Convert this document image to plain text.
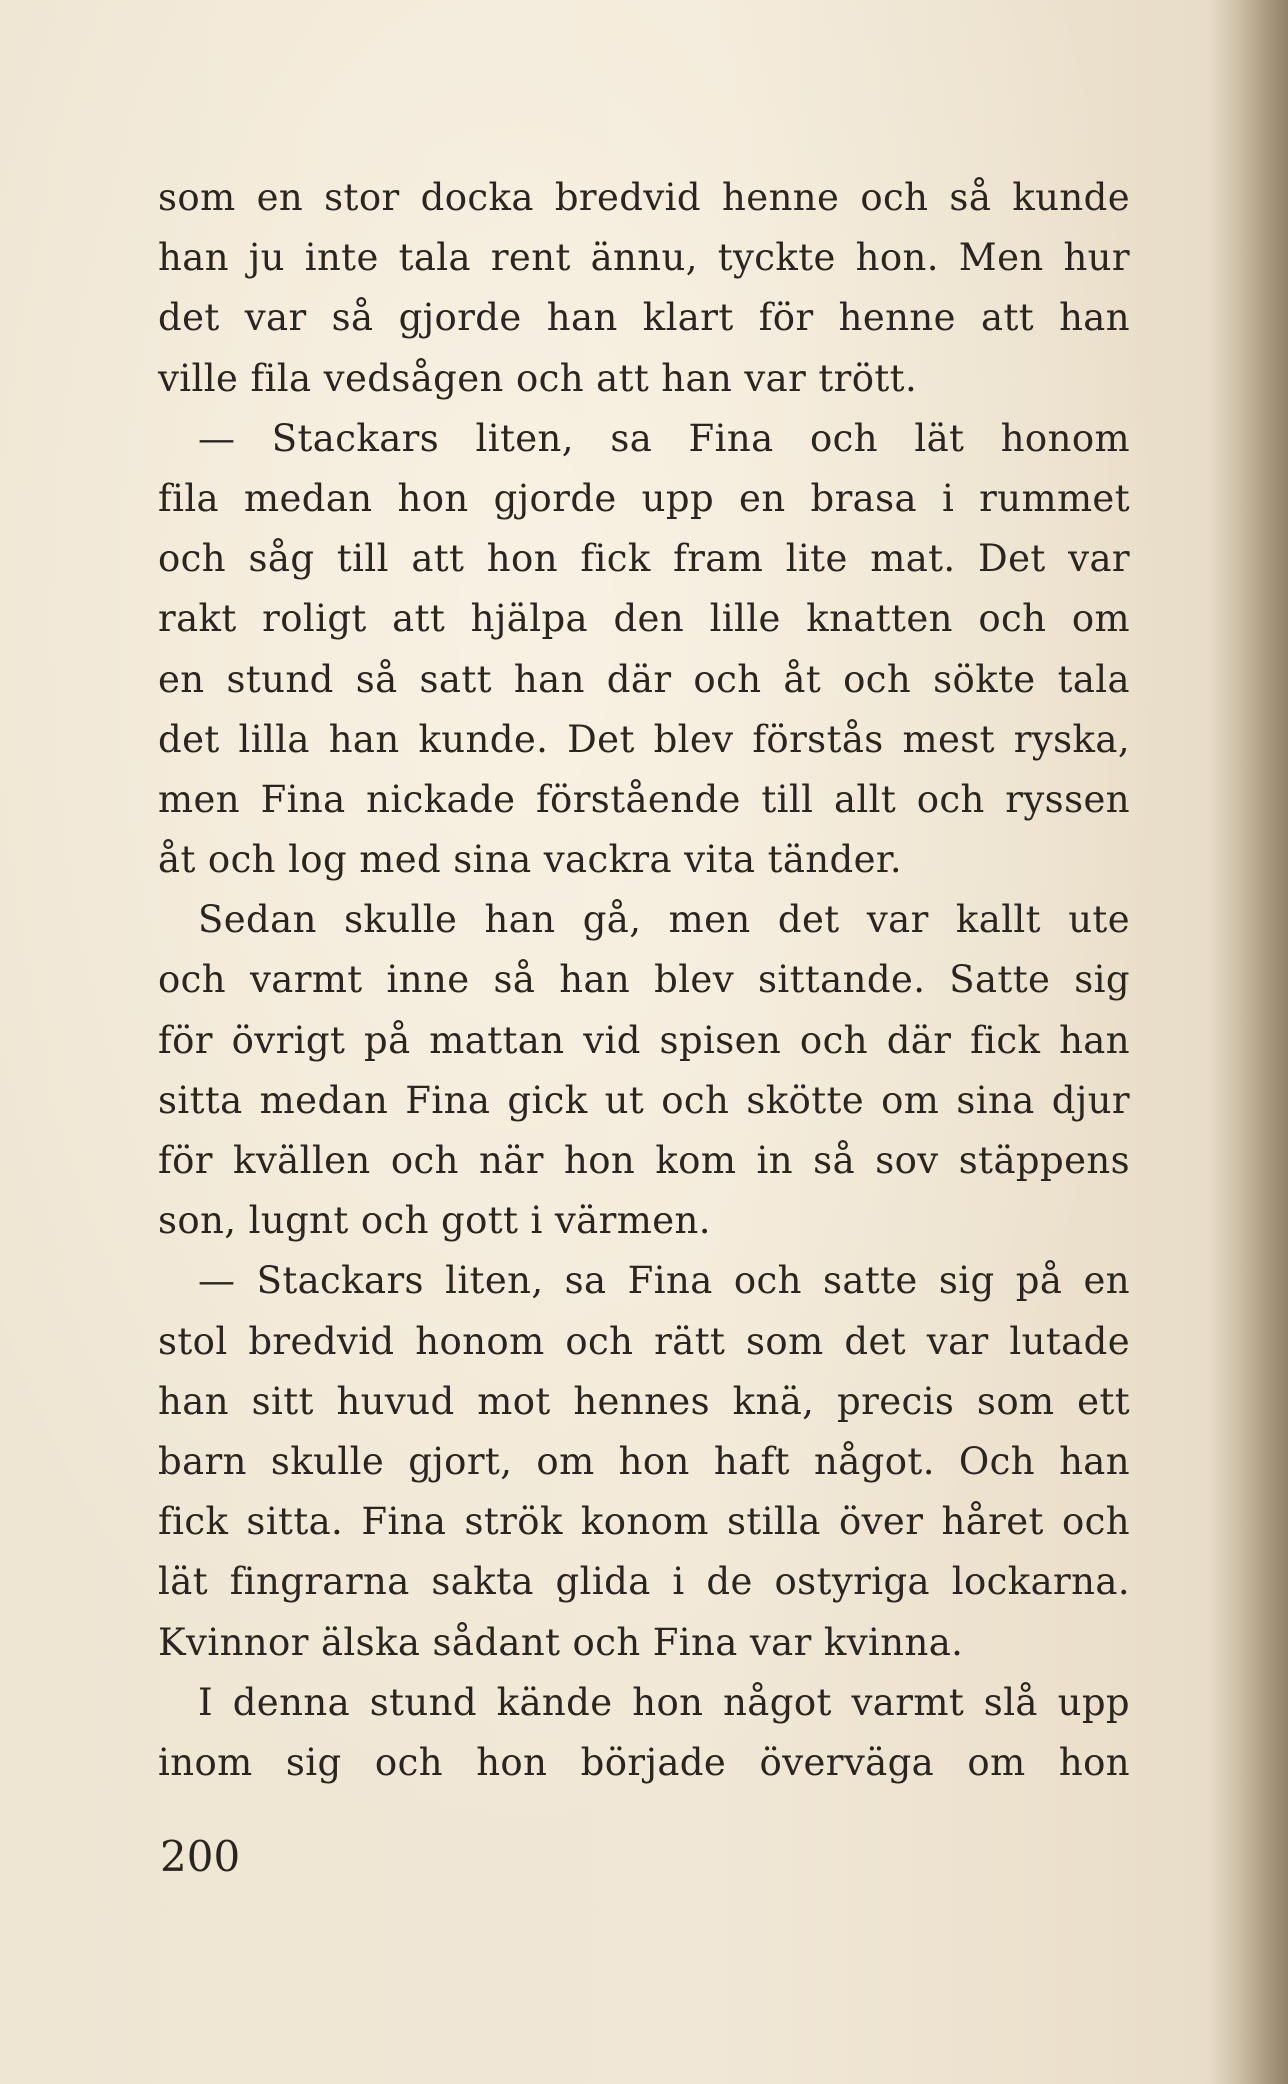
som en stor docka bredvid henne och så kunde
han ju inte tala rent ännu, tyckte hon. Men hur
det var så gjorde han klart för henne att han
ville fila vedsågen och att han var trött.
— Stackars liten, sa Fina och lät honom
fila medan hon gjorde upp en brasa i rummet
och såg till att hon fick fram lite mat. Det var
rakt roligt att hjälpa den lille knatten och om
en stund så satt han där och åt och sökte tala
det lilla han kunde. Det blev förstås mest ryska,
men Fina nickade förstående till allt och ryssen
åt och log med sina vackra vita tänder.
Sedan skulle han gå, men det var kallt ute
och varmt inne så han blev sittande. Satte sig
för övrigt på mattan vid spisen och där fick han
sitta medan Fina gick ut och skötte om sina djur
för kvällen och när hon kom in så sov stäppens
son, lugnt och gott i värmen.
— Stackars liten, sa Fina och satte sig på en
stol bredvid honom och rätt som det var lutade
han sitt huvud mot hennes knä, precis som ett
barn skulle gjort, om hon haft något. Och han
fick sitta. Fina strök konom stilla över håret och
lät fingrarna sakta glida i de ostyriga lockarna.
Kvinnor älska sådant och Fina var kvinna.
I denna stund kände hon något varmt slå upp
inom sig och hon började överväga om hon
200
